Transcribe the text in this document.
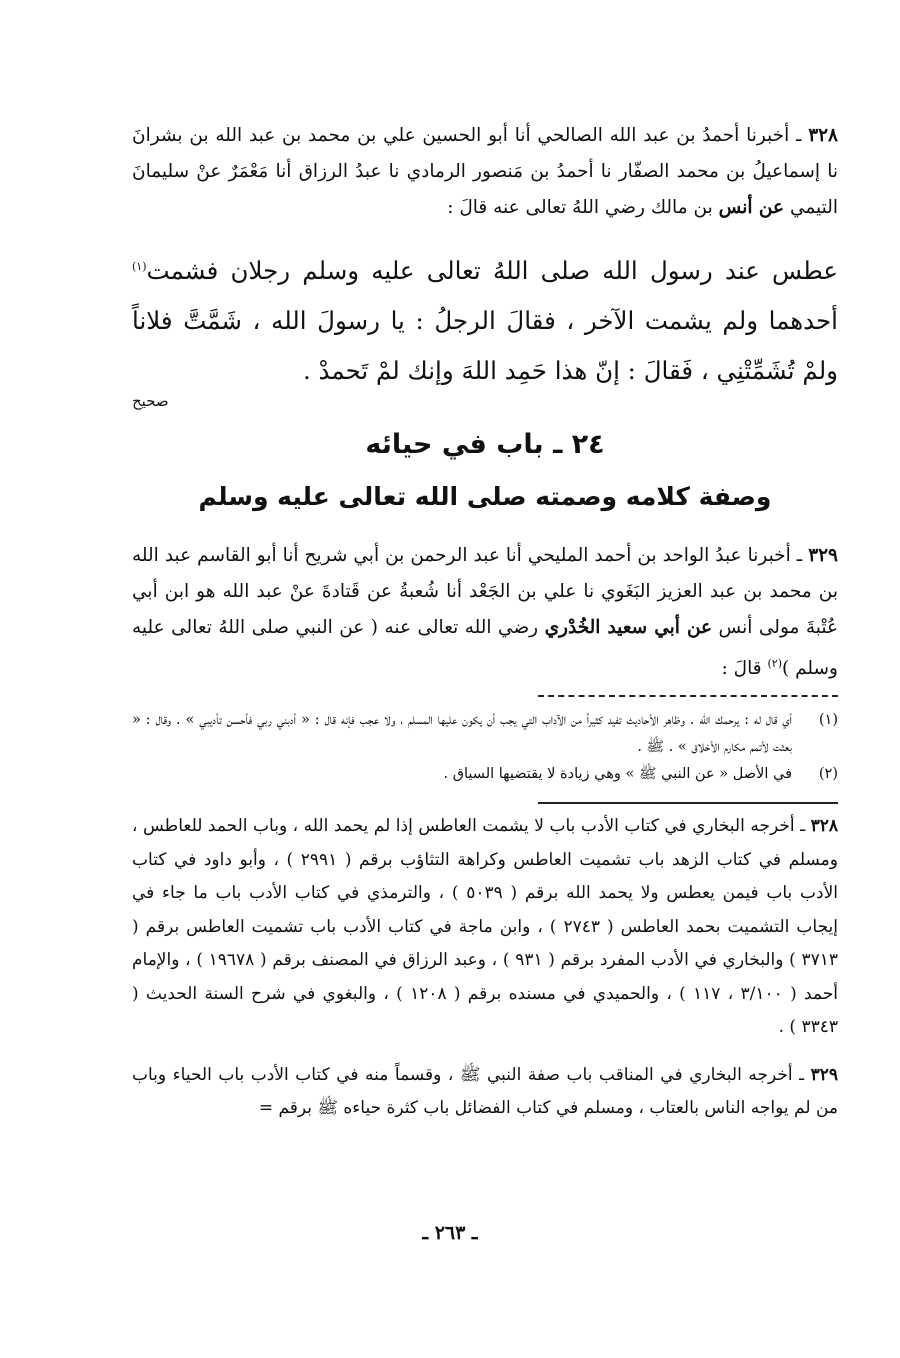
٣٢٨ ـ أخبرنا أحمدُ بن عبد الله الصالحي أنا أبو الحسين علي بن محمد بن عبد الله بن بشرانَ نا إسماعيلُ بن محمد الصفّار نا أحمدُ بن مَنصور الرمادي نا عبدُ الرزاق أنا مَعْمَرٌ عنْ سليمانَ التيمي عن أنس بن مالك رضي اللهُ تعالى عنه قالَ :

عطس عند رسول الله صلى اللهُ تعالى عليه وسلم رجلان فشمت$^{(١)}$ أحدهما ولم يشمت الآخر ، فقالَ الرجلُ : يا رسولَ الله ، شَمَّتَّ فلاناً ولمْ تُشَمِّتْنِي ، فَقالَ : إنّ هذا حَمِد اللهَ وإنك لمْ تَحمدْ .

صحيح
٢٤ ـ باب في حيائه
وصفة كلامه وصمته صلى الله تعالى عليه وسلم

٣٢٩ ـ أخبرنا عبدُ الواحد بن أحمد المليحي أنا عبد الرحمن بن أبي شريح أنا أبو القاسم عبد الله بن محمد بن عبد العزيز البَغَوي نا علي بن الجَعْد أنا شُعبةُ عن قَتادةَ عنْ عبد الله هو ابن أبي عُتْبةَ مولى أنس عن أبي سعيد الخُدْري رضي الله تعالى عنه ( عن النبي صلى اللهُ تعالى عليه وسلم )$^{(٢)}$ قالَ :

(١)
أي قال له : يرحمك الله . وظاهر الأحاديث تفيد كثيراً من الآداب التي يجب أن يكون عليها المسلم ، ولا عجب فإنه قال : « أدبني ربي فأحسن تأديبي » . وقال : « بعثت لأتمم مكارم الأخلاق » . ﷺ .
(٢)
في الأصل « عن النبي ﷺ » وهي زيادة لا يقتضيها السياق .

٣٢٨ ـ أخرجه البخاري في كتاب الأدب باب لا يشمت العاطس إذا لم يحمد الله ، وباب الحمد للعاطس ، ومسلم في كتاب الزهد باب تشميت العاطس وكراهة التثاؤب برقم ( ٢٩٩١ ) ، وأبو داود في كتاب الأدب باب فيمن يعطس ولا يحمد الله برقم ( ٥٠٣٩ ) ، والترمذي في كتاب الأدب باب ما جاء في إيجاب التشميت بحمد العاطس ( ٢٧٤٣ ) ، وابن ماجة في كتاب الأدب باب تشميت العاطس برقم ( ٣٧١٣ ) والبخاري في الأدب المفرد برقم ( ٩٣١ ) ، وعبد الرزاق في المصنف برقم ( ١٩٦٧٨ ) ، والإمام أحمد ( ٣/١٠٠ ، ١١٧ ) ، والحميدي في مسنده برقم ( ١٢٠٨ ) ، والبغوي في شرح السنة الحديث ( ٣٣٤٣ ) .

٣٢٩ ـ أخرجه البخاري في المناقب باب صفة النبي ﷺ ، وقسماً منه في كتاب الأدب باب الحياء وباب من لم يواجه الناس بالعتاب ، ومسلم في كتاب الفضائل باب كثرة حياءه ﷺ برقم =

ـ ٢٦٣ ـ
